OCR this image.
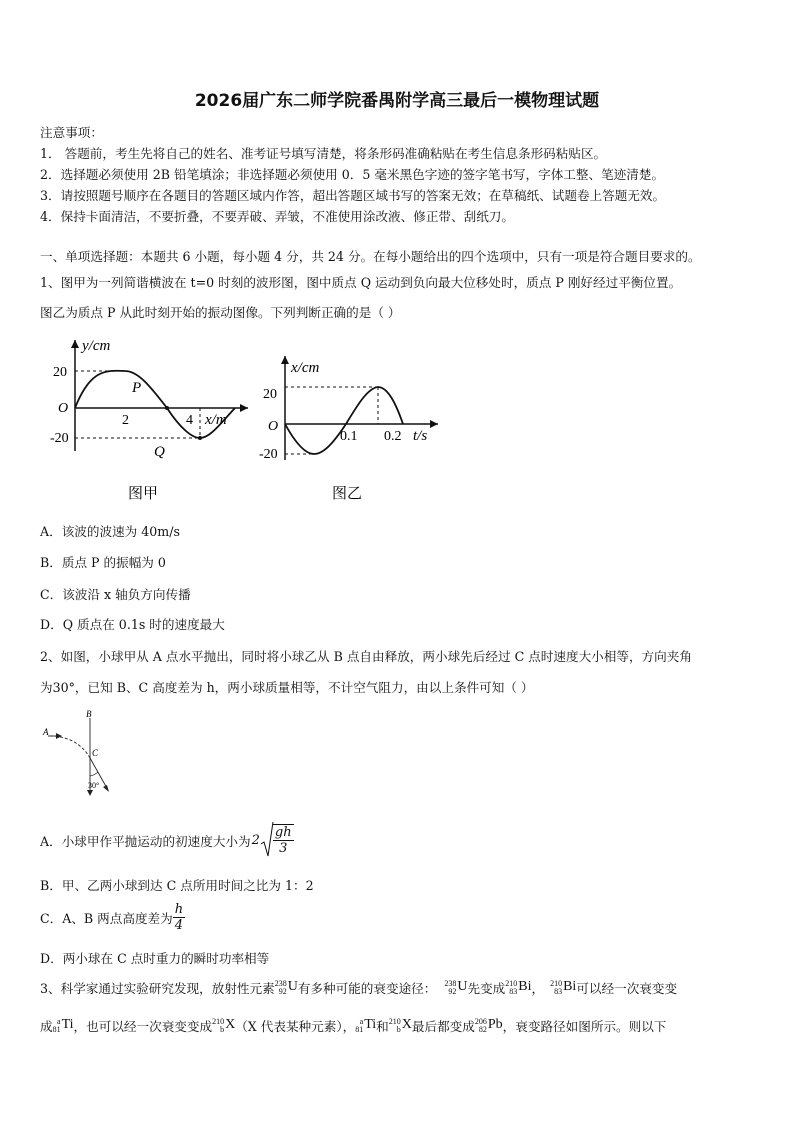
2026届广东二师学院番禺附学高三最后一模物理试题
注意事项：
1． 答题前，考生先将自己的姓名、准考证号填写清楚，将条形码准确粘贴在考生信息条形码粘贴区。
2．选择题必须使用 2B 铅笔填涂；非选择题必须使用 0．5 毫米黑色字迹的签字笔书写，字体工整、笔迹清楚。
3．请按照题号顺序在各题目的答题区域内作答，超出答题区域书写的答案无效；在草稿纸、试题卷上答题无效。
4．保持卡面清洁，不要折叠，不要弄破、弄皱，不准使用涂改液、修正带、刮纸刀。
一、单项选择题：本题共 6 小题，每小题 4 分，共 24 分。在每小题给出的四个选项中，只有一项是符合题目要求的。
1、图甲为一列简谐横波在 t=0 时刻的波形图，图中质点 Q 运动到负向最大位移处时，质点 P 刚好经过平衡位置。
图乙为质点 P 从此时刻开始的振动图像。下列判断正确的是（ ）
y/cm
20
O
-20
2	4 x/m
P
Q
图甲
x/cm
20
O
-20
0.1 0.2 t/s
图乙
A．该波的波速为 40m/s
B．质点 P 的振幅为 0
C．该波沿 x 轴负方向传播
D．Q 质点在 0.1s 时的速度最大
2、如图，小球甲从 A 点水平抛出，同时将小球乙从 B 点自由释放，两小球先后经过 C 点时速度大小相等，方向夹角
为30°，已知 B、C 高度差为 h，两小球质量相等，不计空气阻力，由以上条件可知（ ）
A
B
C
30°
A．小球甲作平抛运动的初速度大小为 $2 \frac{gh}{3}$
B．甲、乙两小球到达 C 点所用时间之比为 1：2
C．A、B 两点高度差为 $\frac{h}{4}$
D．两小球在 C 点时重力的瞬时功率相等
3、科学家通过实验研究发现，放射性元素 238
92 U 有多种可能的衰变途径： 238
92 U 先变成 210
83 Bi ， 210
83 Bi 可以经一次衰变变
成 a
81 Ti ，也可以经一次衰变变成 210
b X （X 代表某种元素）， a
81 Ti 和 210
b X 最后都变成 206
82 Pb ，衰变路径如图所示。则以下
